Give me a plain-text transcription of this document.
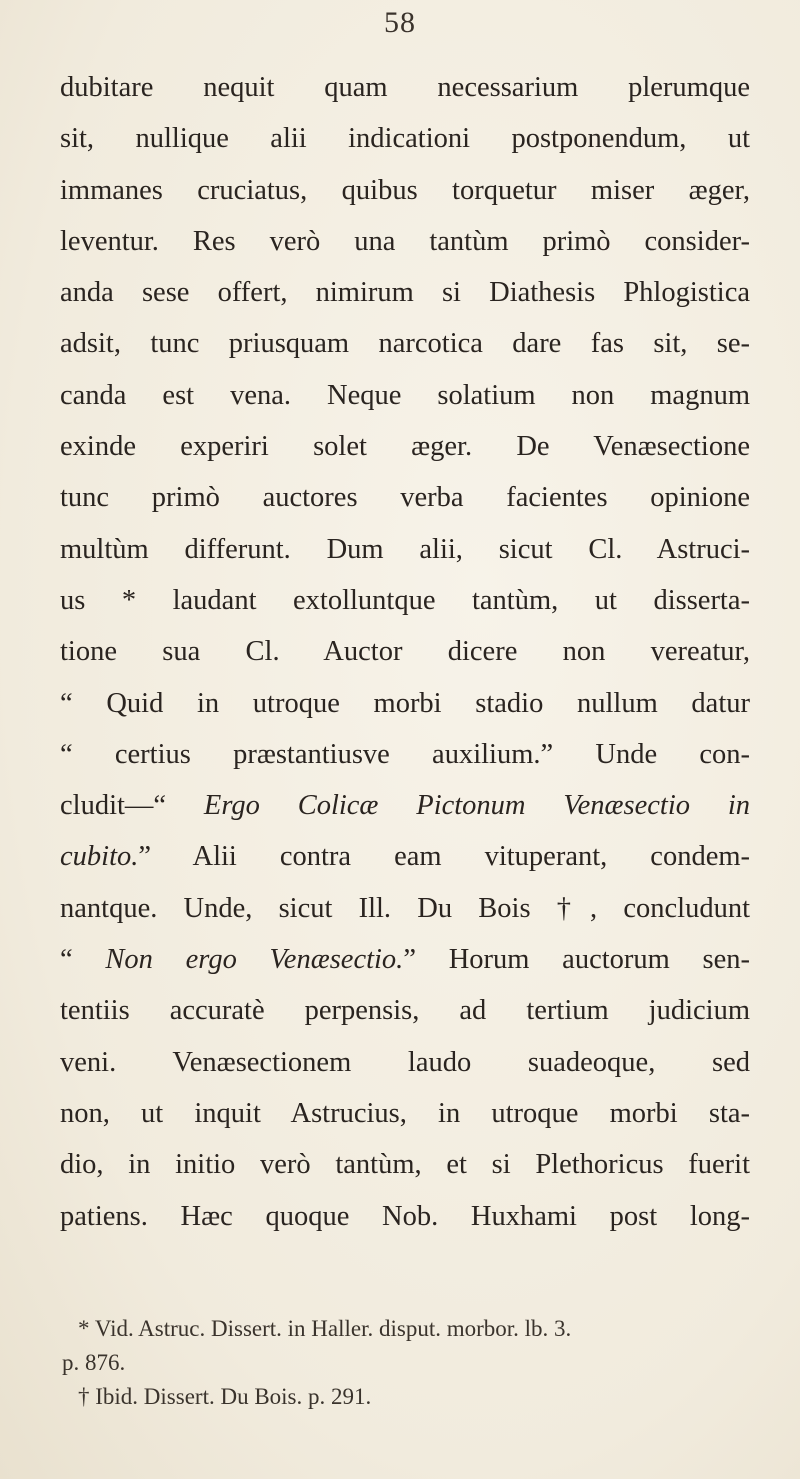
58
dubitare nequit quam necessarium plerumque
sit, nullique alii indicationi postponendum, ut
immanes cruciatus, quibus torquetur miser æger,
leventur. Res verò una tantùm primò consider-
anda sese offert, nimirum si Diathesis Phlogistica
adsit, tunc priusquam narcotica dare fas sit, se-
canda est vena. Neque solatium non magnum
exinde experiri solet æger. De Venæsectione
tunc primò auctores verba facientes opinione
multùm differunt. Dum alii, sicut Cl. Astruci-
us * laudant extolluntque tantùm, ut disserta-
tione sua Cl. Auctor dicere non vereatur,
“ Quid in utroque morbi stadio nullum datur
“ certius præstantiusve auxilium.” Unde con-
cludit—“ Ergo Colicæ Pictonum Venæsectio in
cubito.” Alii contra eam vituperant, condem-
nantque. Unde, sicut Ill. Du Bois †, concludunt
“ Non ergo Venæsectio.” Horum auctorum sen-
tentiis accuratè perpensis, ad tertium judicium
veni. Venæsectionem laudo suadeoque, sed
non, ut inquit Astrucius, in utroque morbi sta-
dio, in initio verò tantùm, et si Plethoricus fuerit
patiens. Hæc quoque Nob. Huxhami post long-
* Vid. Astruc. Dissert. in Haller. disput. morbor. lb. 3.
p. 876.
† Ibid. Dissert. Du Bois. p. 291.
